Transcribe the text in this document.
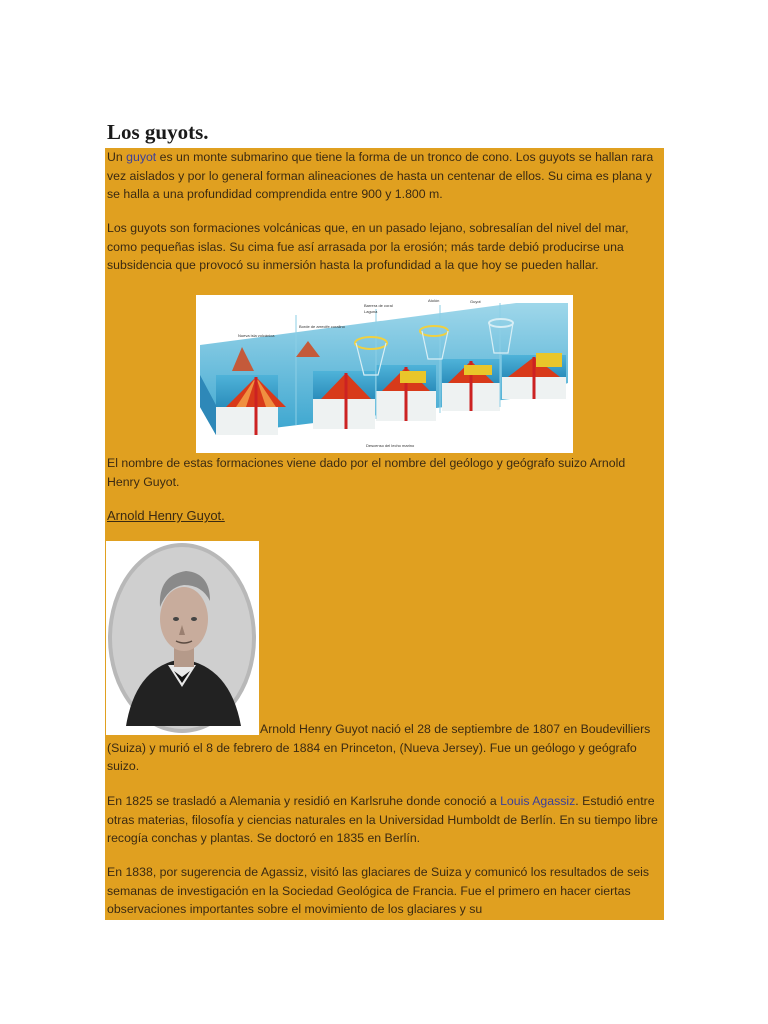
Los guyots.

Un guyot es un monte submarino que tiene la forma de un tronco de cono. Los guyots se hallan rara vez aislados y por lo general forman alineaciones de hasta un centenar de ellos. Su cima es plana y se halla a una profundidad comprendida entre 900 y 1.800 m.

Los guyots son formaciones volcánicas que, en un pasado lejano, sobresalían del nivel del mar, como pequeñas islas. Su cima fue así arrasada por la erosión; más tarde debió producirse una subsidencia que provocó su inmersión hasta la profundidad a la que hoy se pueden hallar.

Nueva isla volcánica
Borde de arrecife coralino
Barrera de coral
Laguna
Atolón	Guyot
Descenso del lecho marino

El nombre de estas formaciones viene dado por el nombre del geólogo y geógrafo suizo Arnold Henry Guyot.

Arnold Henry Guyot.

Arnold Henry Guyot nació el 28 de septiembre de 1807 en Boudevilliers (Suiza) y murió el 8 de febrero de 1884 en Princeton, (Nueva Jersey). Fue un geólogo y geógrafo suizo.

En 1825 se trasladó a Alemania y residió en Karlsruhe donde conoció a Louis Agassiz. Estudió entre otras materias, filosofía y ciencias naturales en la Universidad Humboldt de Berlín. En su tiempo libre recogía conchas y plantas. Se doctoró en 1835 en Berlín.

En 1838, por sugerencia de Agassiz, visitó las glaciares de Suiza y comunicó los resultados de seis semanas de investigación en la Sociedad Geológica de Francia. Fue el primero en hacer ciertas observaciones importantes sobre el movimiento de los glaciares y su
